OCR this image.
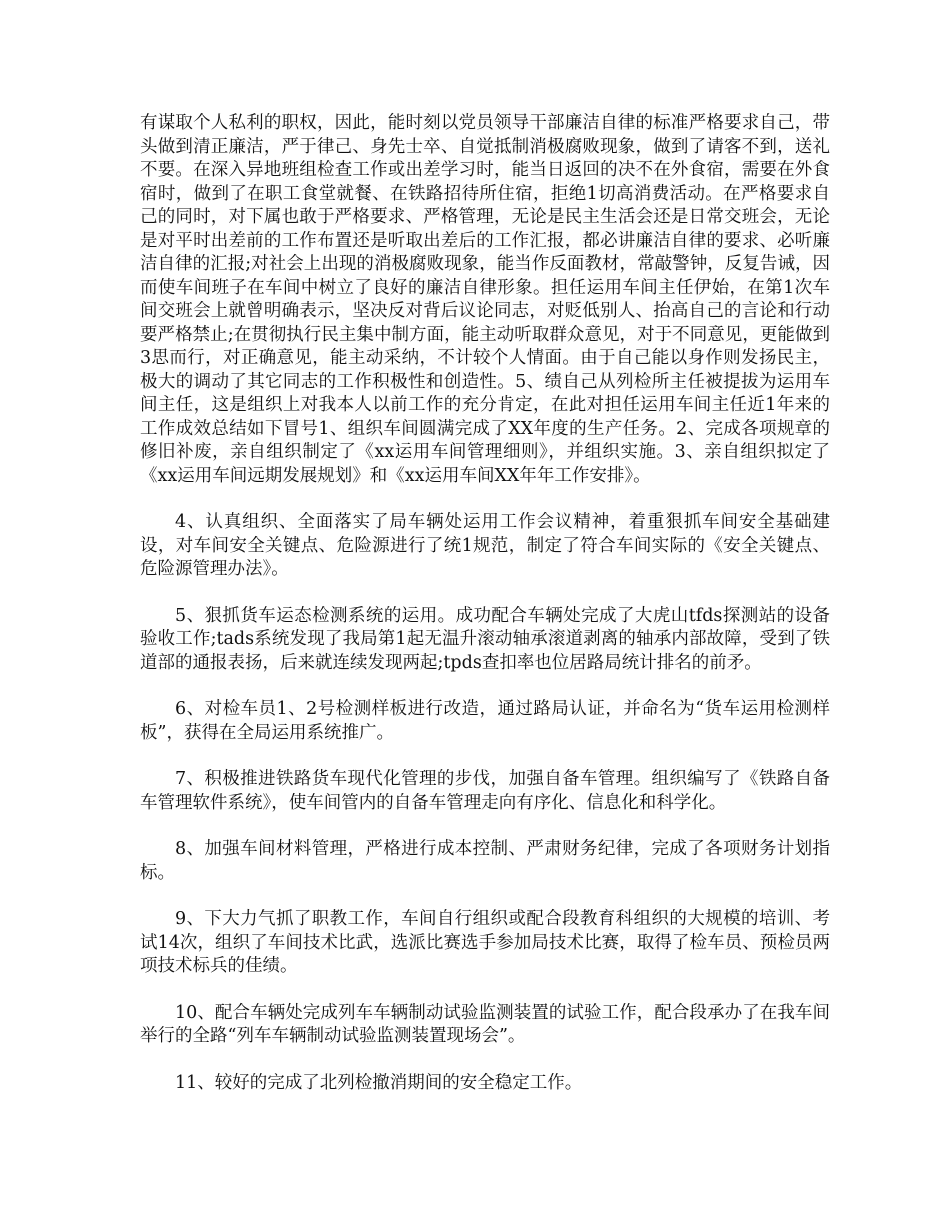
有谋取个人私利的职权，因此，能时刻以党员领导干部廉洁自律的标准严格要求自己，带头做到清正廉洁，严于律己、身先士卒、自觉抵制消极腐败现象，做到了请客不到，送礼不要。在深入异地班组检查工作或出差学习时，能当日返回的决不在外食宿，需要在外食宿时，做到了在职工食堂就餐、在铁路招待所住宿，拒绝1切高消费活动。在严格要求自己的同时，对下属也敢于严格要求、严格管理，无论是民主生活会还是日常交班会，无论是对平时出差前的工作布置还是听取出差后的工作汇报，都必讲廉洁自律的要求、必听廉洁自律的汇报;对社会上出现的消极腐败现象，能当作反面教材，常敲警钟，反复告诫，因而使车间班子在车间中树立了良好的廉洁自律形象。担任运用车间主任伊始，在第1次车间交班会上就曾明确表示，坚决反对背后议论同志，对贬低别人、抬高自己的言论和行动要严格禁止;在贯彻执行民主集中制方面，能主动听取群众意见，对于不同意见，更能做到3思而行，对正确意见，能主动采纳，不计较个人情面。由于自己能以身作则发扬民主，极大的调动了其它同志的工作积极性和创造性。5、绩自己从列检所主任被提拔为运用车间主任，这是组织上对我本人以前工作的充分肯定，在此对担任运用车间主任近1年来的工作成效总结如下冒号1、组织车间圆满完成了XX年度的生产任务。2、完成各项规章的修旧补废，亲自组织制定了《xx运用车间管理细则》，并组织实施。3、亲自组织拟定了《xx运用车间远期发展规划》和《xx运用车间XX年年工作安排》。

4、认真组织、全面落实了局车辆处运用工作会议精神，着重狠抓车间安全基础建设，对车间安全关键点、危险源进行了统1规范，制定了符合车间实际的《安全关键点、危险源管理办法》。

5、狠抓货车运态检测系统的运用。成功配合车辆处完成了大虎山tfds探测站的设备验收工作;tads系统发现了我局第1起无温升滚动轴承滚道剥离的轴承内部故障，受到了铁道部的通报表扬，后来就连续发现两起;tpds查扣率也位居路局统计排名的前矛。

6、对检车员1、2号检测样板进行改造，通过路局认证，并命名为“货车运用检测样板”，获得在全局运用系统推广。

7、积极推进铁路货车现代化管理的步伐，加强自备车管理。组织编写了《铁路自备车管理软件系统》，使车间管内的自备车管理走向有序化、信息化和科学化。

8、加强车间材料管理，严格进行成本控制、严肃财务纪律，完成了各项财务计划指标。

9、下大力气抓了职教工作，车间自行组织或配合段教育科组织的大规模的培训、考试14次，组织了车间技术比武，选派比赛选手参加局技术比赛，取得了检车员、预检员两项技术标兵的佳绩。

10、配合车辆处完成列车车辆制动试验监测装置的试验工作，配合段承办了在我车间举行的全路“列车车辆制动试验监测装置现场会”。

11、较好的完成了北列检撤消期间的安全稳定工作。
